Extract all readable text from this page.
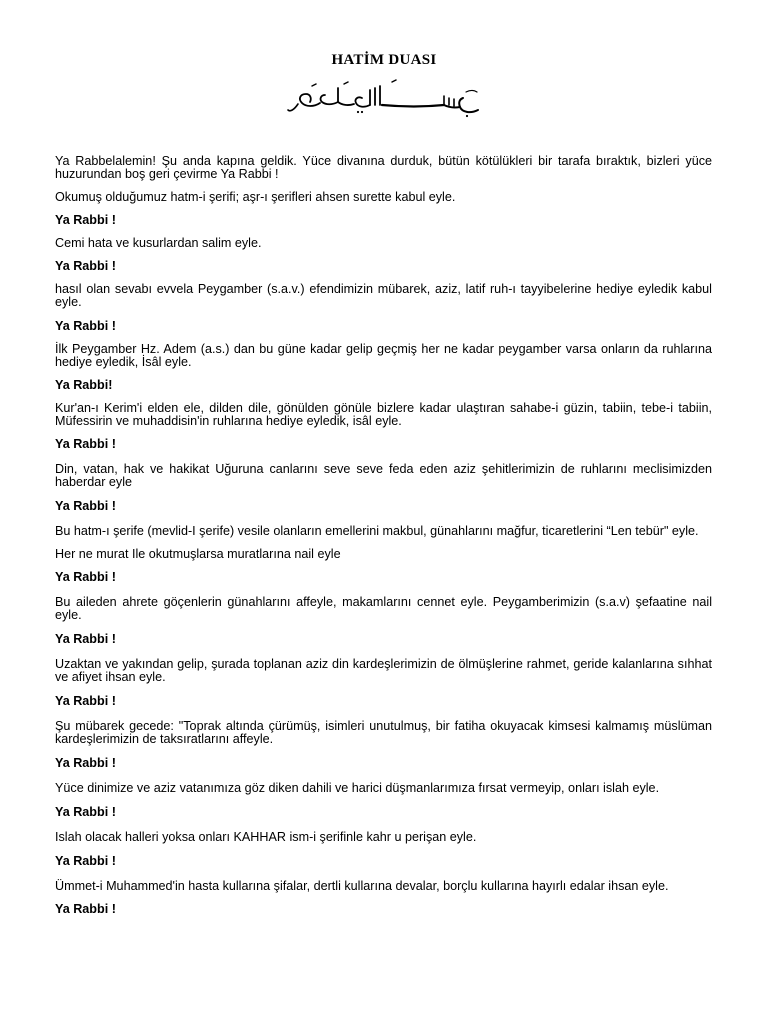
HATİM DUASI

Ya Rabbelalemin! Şu anda kapına geldik. Yüce divanına durduk, bütün kötülükleri bir tarafa bıraktık, bizleri yüce huzurundan boş geri çevirme Ya Rabbi !

Okumuş olduğumuz hatm-i şerifi; aşr-ı şerifleri ahsen surette kabul eyle.

Ya Rabbi !

Cemi hata ve kusurlardan salim eyle.

Ya Rabbi !

hasıl olan sevabı evvela Peygamber (s.a.v.) efendimizin mübarek, aziz, latif ruh-ı tayyibelerine hediye eyledik kabul eyle.

Ya Rabbi !

İlk Peygamber Hz. Adem (a.s.) dan bu güne kadar gelip geçmiş her ne kadar peygamber varsa onların da ruhlarına hediye eyledik, İsâl eyle.

Ya Rabbi!

Kur'an-ı Kerim'i elden ele, dilden dile, gönülden gönüle bizlere kadar ulaştıran sahabe-i güzin, tabiin, tebe-i tabiin, Müfessirin ve muhaddisin'in ruhlarına hediye eyledik, isâl eyle.

Ya Rabbi !

Din, vatan, hak ve hakikat Uğuruna canlarını seve seve feda eden aziz şehitlerimizin de ruhlarını meclisimizden haberdar eyle

Ya Rabbi !

Bu hatm-ı şerife (mevlid-I şerife) vesile olanların emellerini makbul, günahlarını mağfur, ticaretlerini “Len tebür" eyle.

Her ne murat Ile okutmuşlarsa muratlarına nail eyle

Ya Rabbi !

Bu aileden ahrete göçenlerin günahlarını affeyle, makamlarını cennet eyle. Peygamberimizin (s.a.v) şefaatine nail eyle.

Ya Rabbi !

Uzaktan ve yakından gelip, şurada toplanan aziz din kardeşlerimizin de ölmüşlerine rahmet, geride kalanlarına sıhhat ve afiyet ihsan eyle.

Ya Rabbi !

Şu mübarek gecede: "Toprak altında çürümüş, isimleri unutulmuş, bir fatiha okuyacak kimsesi kalmamış müslüman kardeşlerimizin de taksıratlarını affeyle.

Ya Rabbi !

Yüce dinimize ve aziz vatanımıza göz diken dahili ve harici düşmanlarımıza fırsat vermeyip, onları islah eyle.

Ya Rabbi !

Islah olacak halleri yoksa onları KAHHAR ism-i şerifinle kahr u perişan eyle.

Ya Rabbi !

Ümmet-i Muhammed'in hasta kullarına şifalar, dertli kullarına devalar, borçlu kullarına hayırlı edalar ihsan eyle.

Ya Rabbi !
